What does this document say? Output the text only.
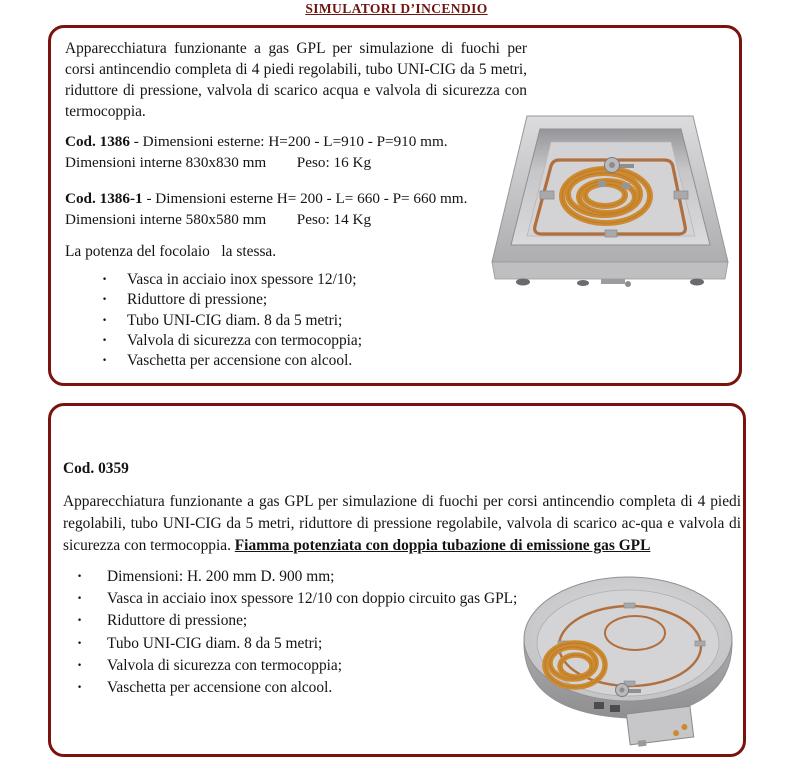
SIMULATORI D’INCENDIO

Apparecchiatura funzionante a gas GPL per simulazione di fuochi per corsi antincendio completa di 4 piedi regolabili, tubo UNI-CIG da 5 metri, riduttore di pressione, valvola di scarico acqua e valvola di sicurezza con termocoppia.

Cod. 1386 - Dimensioni esterne: H=200 - L=910 - P=910 mm.
Dimensioni interne 830x830 mm Peso: 16 Kg
Cod. 1386-1 - Dimensioni esterne H= 200 - L= 660 - P= 660 mm.
Dimensioni interne 580x580 mm Peso: 14 Kg

La potenza del focolaio   la stessa.

·Vasca in acciaio inox spessore 12/10;
·Riduttore di pressione;
·Tubo UNI-CIG diam. 8 da 5 metri;
·Valvola di sicurezza con termocoppia;
·Vaschetta per accensione con alcool.
Cod. 0359

Apparecchiatura funzionante a gas GPL per simulazione di fuochi per corsi antincendio completa di 4 piedi regolabili, tubo UNI-CIG da 5 metri, riduttore di pressione regolabile, valvola di scarico ac-qua e valvola di sicurezza con termocoppia. Fiamma potenziata con doppia tubazione di emissione gas GPL

·Dimensioni: H. 200 mm D. 900 mm;
·Vasca in acciaio inox spessore 12/10 con doppio circuito gas GPL;
·Riduttore di pressione;
·Tubo UNI-CIG diam. 8 da 5 metri;
·Valvola di sicurezza con termocoppia;
·Vaschetta per accensione con alcool.
